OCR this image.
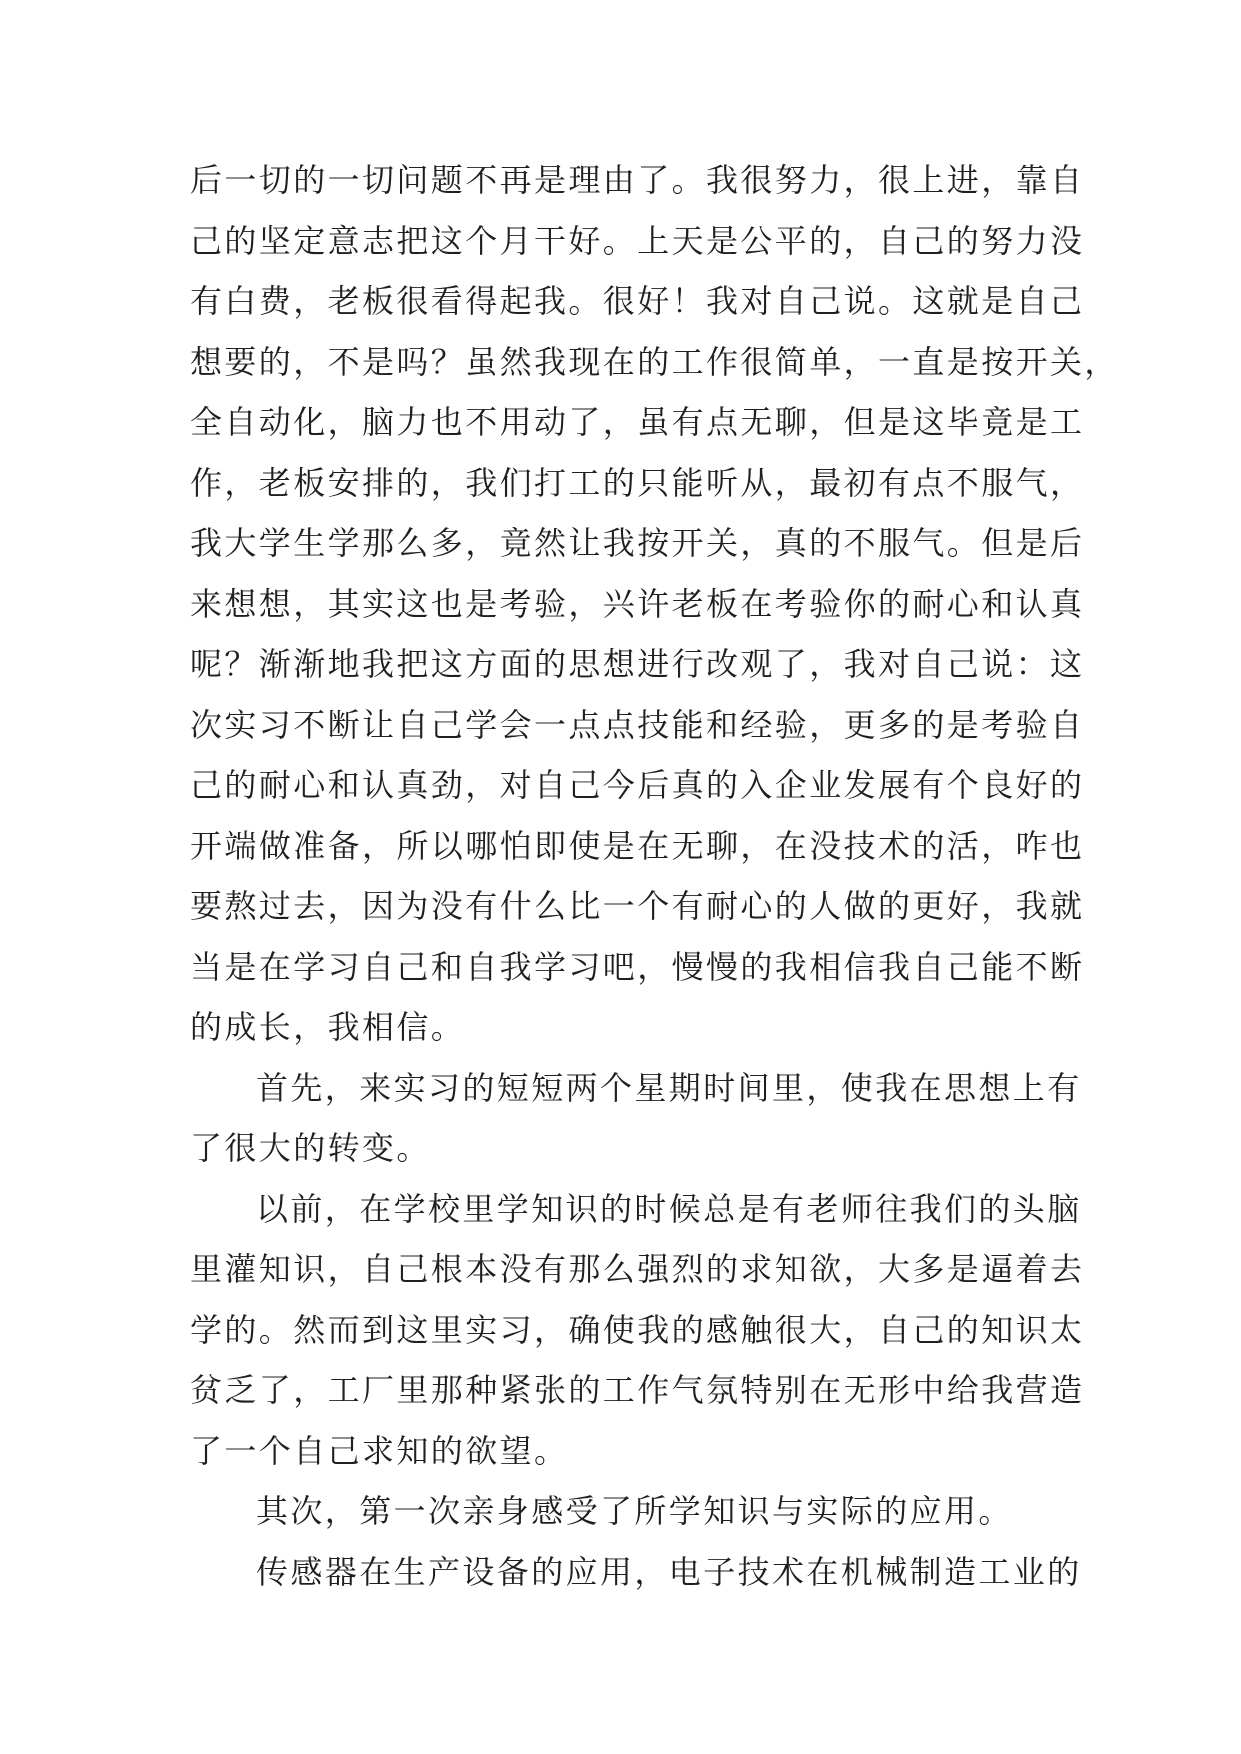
后一切的一切问题不再是理由了。我很努力，很上进，靠自
己的坚定意志把这个月干好。上天是公平的，自己的努力没
有白费，老板很看得起我。很好！我对自己说。这就是自己
想要的，不是吗？虽然我现在的工作很简单，一直是按开关，
全自动化，脑力也不用动了，虽有点无聊，但是这毕竟是工
作，老板安排的，我们打工的只能听从，最初有点不服气，
我大学生学那么多，竟然让我按开关，真的不服气。但是后
来想想，其实这也是考验，兴许老板在考验你的耐心和认真
呢？渐渐地我把这方面的思想进行改观了，我对自己说：这
次实习不断让自己学会一点点技能和经验，更多的是考验自
己的耐心和认真劲，对自己今后真的入企业发展有个良好的
开端做准备，所以哪怕即使是在无聊，在没技术的活，咋也
要熬过去，因为没有什么比一个有耐心的人做的更好，我就
当是在学习自己和自我学习吧，慢慢的我相信我自己能不断
的成长，我相信。
首先，来实习的短短两个星期时间里，使我在思想上有
了很大的转变。
以前，在学校里学知识的时候总是有老师往我们的头脑
里灌知识，自己根本没有那么强烈的求知欲，大多是逼着去
学的。然而到这里实习，确使我的感触很大，自己的知识太
贫乏了，工厂里那种紧张的工作气氛特别在无形中给我营造
了一个自己求知的欲望。
其次，第一次亲身感受了所学知识与实际的应用。
传感器在生产设备的应用，电子技术在机械制造工业的
